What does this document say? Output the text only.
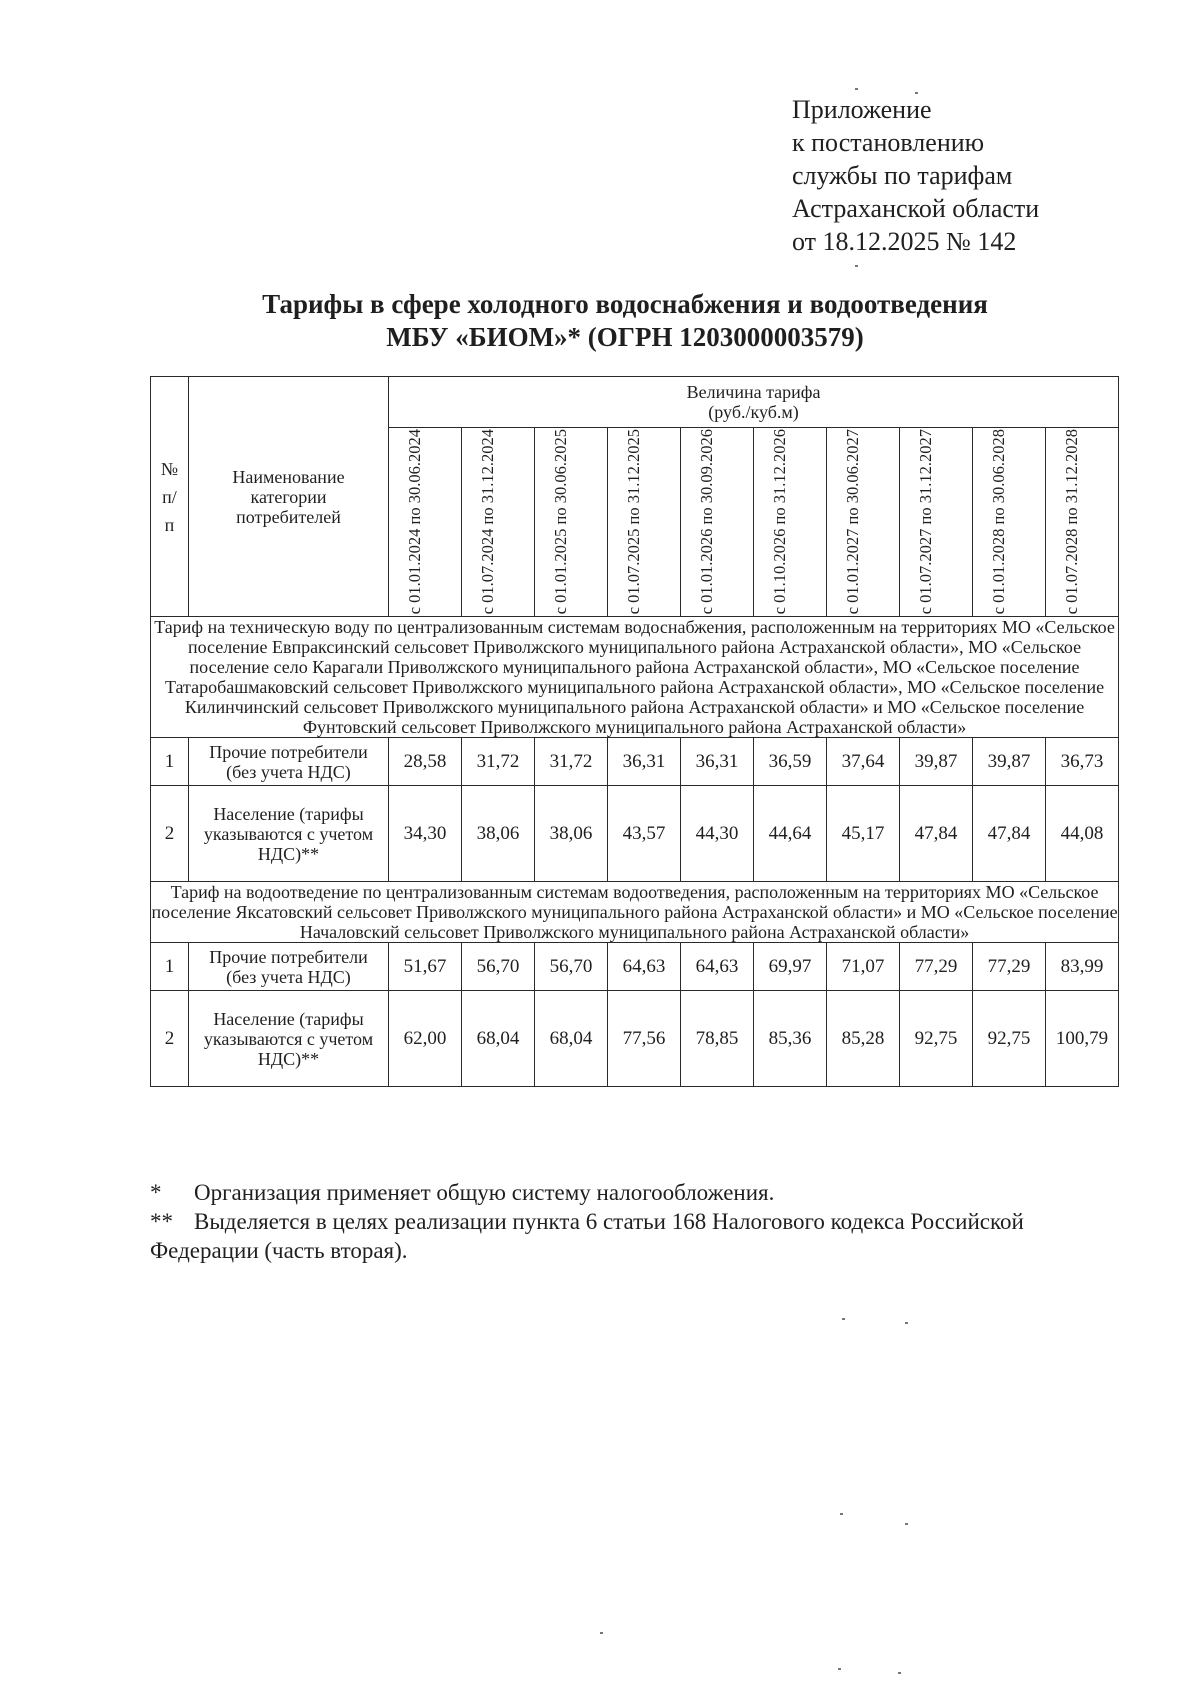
Приложение
к постановлению
службы по тарифам
Астраханской области
от 18.12.2025 № 142
Тарифы в сфере холодного водоснабжения и водоотведения
МБУ «БИОМ»* (ОГРН 1203000003579)
№ п/п	Наименование категории потребителей	Величина тарифа
(руб./куб.м)									

		с 01.01.2024 по 30.06.2024	с 01.07.2024 по 31.12.2024	с 01.01.2025 по 30.06.2025	с 01.07.2025 по 31.12.2025	с 01.01.2026 по 30.09.2026	с 01.10.2026 по 31.12.2026	с 01.01.2027 по 30.06.2027	с 01.07.2027 по 31.12.2027	с 01.01.2028 по 30.06.2028	с 01.07.2028 по 31.12.2028

Тариф на техническую воду по централизованным системам водоснабжения, расположенным на территориях МО «Сельское поселение Евпраксинский сельсовет Приволжского муниципального района Астраханской области», МО «Сельское поселение село Карагали Приволжского муниципального района Астраханской области», МО «Сельское поселение Татаробашмаковский сельсовет Приволжского муниципального района Астраханской области», МО «Сельское поселение Килинчинский сельсовет Приволжского муниципального района Астраханской области» и МО «Сельское поселение Фунтовский сельсовет Приволжского муниципального района Астраханской области»											
1	Прочие потребители (без учета НДС)	28,58	31,72	31,72	36,31	36,31	36,59	37,64	39,87	39,87	36,73
2	Население (тарифы указываются с учетом НДС)**	34,30	38,06	38,06	43,57	44,30	44,64	45,17	47,84	47,84	44,08
Тариф на водоотведение по централизованным системам водоотведения, расположенным на территориях МО «Сельское поселение Яксатовский сельсовет Приволжского муниципального района Астраханской области» и МО «Сельское поселение Началовский сельсовет Приволжского муниципального района Астраханской области»											
1	Прочие потребители (без учета НДС)	51,67	56,70	56,70	64,63	64,63	69,97	71,07	77,29	77,29	83,99
2	Население (тарифы указываются с учетом НДС)**	62,00	68,04	68,04	77,56	78,85	85,36	85,28	92,75	92,75	100,79
* Организация применяет общую систему налогообложения.
** Выделяется в целях реализации пункта 6 статьи 168 Налогового кодекса Российской Федерации (часть вторая).
